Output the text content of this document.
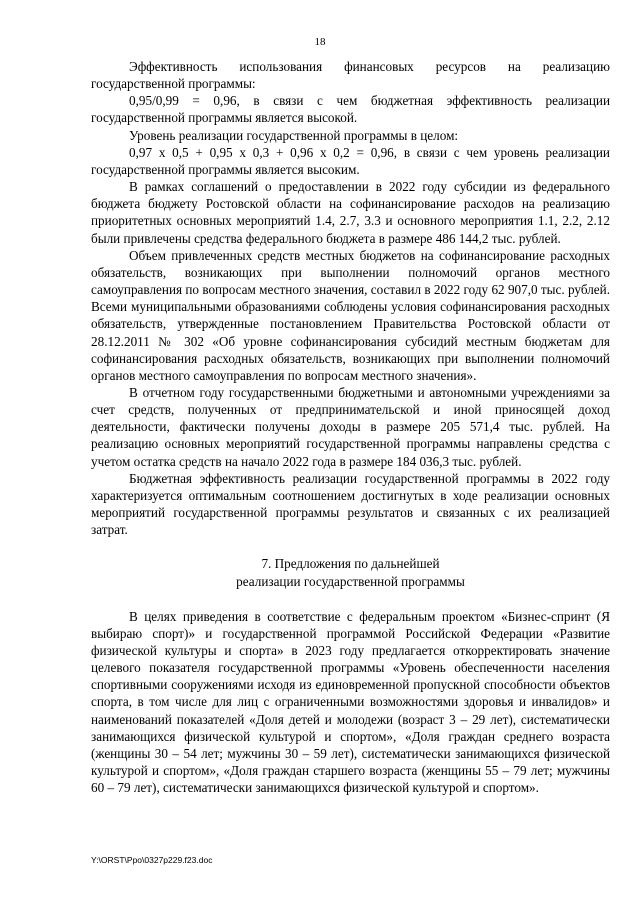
18

Эффективность использования финансовых ресурсов на реализацию государственной программы:

0,95/0,99 = 0,96, в связи с чем бюджетная эффективность реализации государственной программы является высокой.

Уровень реализации государственной программы в целом:

0,97 x 0,5 + 0,95 x 0,3 + 0,96 x 0,2 = 0,96, в связи с чем уровень реализации государственной программы является высоким.

В рамках соглашений о предоставлении в 2022 году субсидии из федерального бюджета бюджету Ростовской области на софинансирование расходов на реализацию приоритетных основных мероприятий 1.4, 2.7, 3.3 и основного мероприятия 1.1, 2.2, 2.12 были привлечены средства федерального бюджета в размере 486 144,2 тыс. рублей.

Объем привлеченных средств местных бюджетов на софинансирование расходных обязательств, возникающих при выполнении полномочий органов местного самоуправления по вопросам местного значения, составил в 2022 году 62 907,0 тыс. рублей. Всеми муниципальными образованиями соблюдены условия софинансирования расходных обязательств, утвержденные постановлением Правительства Ростовской области от 28.12.2011 № 302 «Об уровне софинансирования субсидий местным бюджетам для софинансирования расходных обязательств, возникающих при выполнении полномочий органов местного самоуправления по вопросам местного значения».

В отчетном году государственными бюджетными и автономными учреждениями за счет средств, полученных от предпринимательской и иной приносящей доход деятельности, фактически получены доходы в размере 205 571,4 тыс. рублей. На реализацию основных мероприятий государственной программы направлены средства с учетом остатка средств на начало 2022 года в размере 184 036,3 тыс. рублей.

Бюджетная эффективность реализации государственной программы в 2022 году характеризуется оптимальным соотношением достигнутых в ходе реализации основных мероприятий государственной программы результатов и связанных с их реализацией затрат.

7. Предложения по дальнейшей
реализации государственной программы

В целях приведения в соответствие с федеральным проектом «Бизнес-спринт (Я выбираю спорт)» и государственной программой Российской Федерации «Развитие физической культуры и спорта» в 2023 году предлагается откорректировать значение целевого показателя государственной программы «Уровень обеспеченности населения спортивными сооружениями исходя из единовременной пропускной способности объектов спорта, в том числе для лиц с ограниченными возможностями здоровья и инвалидов» и наименований показателей «Доля детей и молодежи (возраст 3 – 29 лет), систематически занимающихся физической культурой и спортом», «Доля граждан среднего возраста (женщины 30 – 54 лет; мужчины 30 – 59 лет), систематически занимающихся физической культурой и спортом», «Доля граждан старшего возраста (женщины 55 – 79 лет; мужчины 60 – 79 лет), систематически занимающихся физической культурой и спортом».

Y:\ORST\Ppo\0327p229.f23.doc
